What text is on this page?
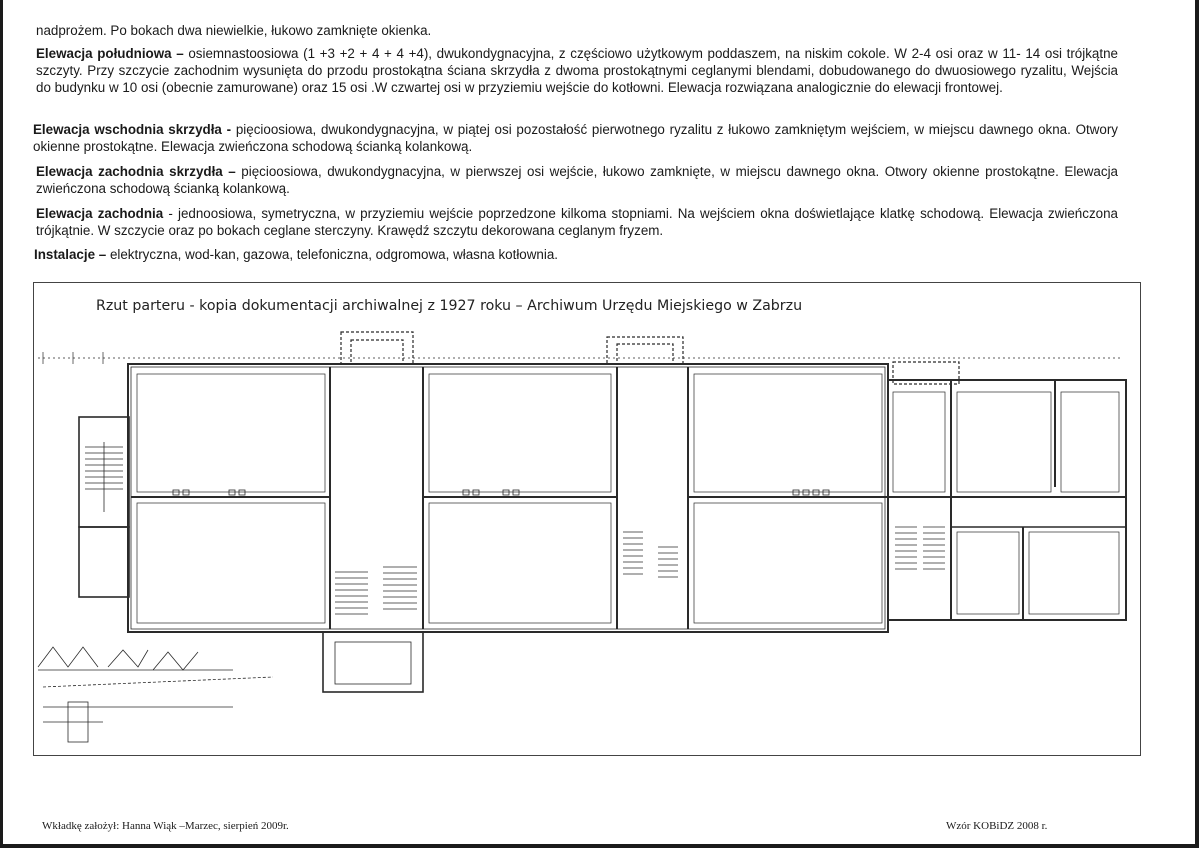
nadprożem. Po bokach dwa niewielkie, łukowo zamknięte okienka.

Elewacja południowa – osiemnastoosiowa (1 +3 +2 + 4 + 4 +4), dwukondygnacyjna, z częściowo użytkowym poddaszem, na niskim cokole. W 2-4 osi oraz w 11- 14 osi trójkątne szczyty. Przy szczycie zachodnim wysunięta do przodu prostokątna ściana skrzydła z dwoma prostokątnymi ceglanymi blendami, dobudowanego do dwuosiowego ryzalitu, Wejścia do budynku w 10 osi (obecnie zamurowane) oraz 15 osi .W czwartej osi w przyziemiu wejście do kotłowni. Elewacja rozwiązana analogicznie do elewacji frontowej.

Elewacja wschodnia skrzydła - pięcioosiowa, dwukondygnacyjna, w piątej osi pozostałość pierwotnego ryzalitu z łukowo zamkniętym wejściem, w miejscu dawnego okna. Otwory okienne prostokątne. Elewacja zwieńczona schodową ścianką kolankową.

Elewacja zachodnia skrzydła – pięcioosiowa, dwukondygnacyjna, w pierwszej osi wejście, łukowo zamknięte, w miejscu dawnego okna. Otwory okienne prostokątne. Elewacja zwieńczona schodową ścianką kolankową.

Elewacja zachodnia - jednoosiowa, symetryczna, w przyziemiu wejście poprzedzone kilkoma stopniami. Na wejściem okna doświetlające klatkę schodową. Elewacja zwieńczona trójkątnie. W szczycie oraz po bokach ceglane sterczyny. Krawędź szczytu dekorowana ceglanym fryzem.

Instalacje – elektryczna, wod-kan, gazowa, telefoniczna, odgromowa, własna kotłownia.

Rzut parteru - kopia dokumentacji archiwalnej z 1927 roku – Archiwum Urzędu Miejskiego w Zabrzu
Wkładkę założył: Hanna Wiąk –Marzec, sierpień 2009r.	Wzór KOBiDZ 2008 r.
